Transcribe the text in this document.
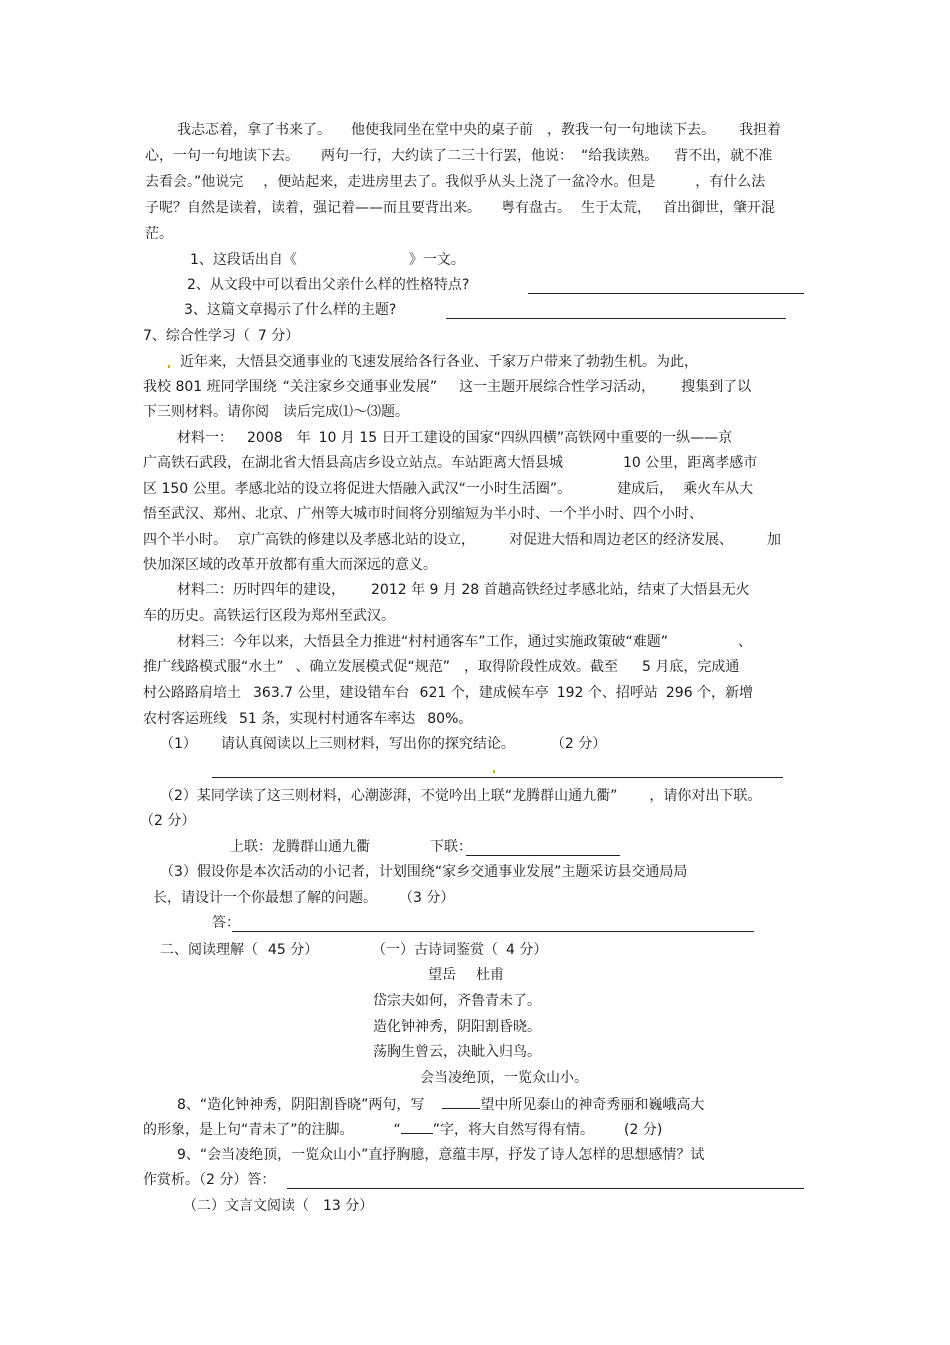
我忐忑着，拿了书来了。 他使我同坐在堂中央的桌子前 ，教我一句一句地读下去。 我担着
心，一句一句地读下去。 两句一行，大约读了二三十行罢，他说： “给我读熟。 背不出，就不准
去看会。”他说完 ，便站起来，走进房里去了。我似乎从头上浇了一盆冷水。但是	，有什么法
子呢？自然是读着，读着，强记着——而且要背出来。 粤有盘古。 生于太荒， 首出御世，肇开混
茫。
1、这段话出自《	》一文。
2、从文段中可以看出父亲什么样的性格特点?
3、这篇文章揭示了什么样的主题?
7、综合性学习（ 7 分）
近年来，大悟县交通事业的飞速发展给各行各业、千家万户带来了勃勃生机。为此，
我校 801 班同学围绕 “关注家乡交通事业发展” 这一主题开展综合性学习活动， 搜集到了以
下三则材料。请你阅 读后完成⑴～⑶题。
材料一： 2008 年 10 月 15 日开工建设的国家“四纵四横”高铁网中重要的一纵——京
广高铁石武段，在湖北省大悟县高店乡设立站点。车站距离大悟县城	10 公里，距离孝感市
区 150 公里。孝感北站的设立将促进大悟融入武汉“一小时生活圈”。	建成后， 乘火车从大
悟至武汉、郑州、北京、广州等大城市时间将分别缩短为半小时、一个半小时、四个小时、
四个半小时。 京广高铁的修建以及孝感北站的设立， 对促进大悟和周边老区的经济发展、 加
快加深区域的改革开放都有重大而深远的意义。
材料二：历时四年的建设， 2012 年 9 月 28 首趟高铁经过孝感北站，结束了大悟县无火
车的历史。高铁运行区段为郑州至武汉。
材料三：今年以来，大悟县全力推进“村村通客车”工作，通过实施政策破“难题”	、
推广线路模式服“水土” 、确立发展模式促“规范” ，取得阶段性成效。截至 5 月底，完成通
村公路路肩培土 363.7 公里，建设错车台 621 个，建成候车亭 192 个、招呼站 296 个，新增
农村客运班线 51 条，实现村村通客车率达 80%。
（1） 请认真阅读以上三则材料，写出你的探究结论。	（2 分）
（2）某同学读了这三则材料，心潮澎湃，不觉吟出上联“龙腾群山通九衢” ，请你对出下联。
（2 分）
上联：龙腾群山通九衢	下联：
（3）假设你是本次活动的小记者，计划围绕“家乡交通事业发展”主题采访县交通局局
长，请设计一个你最想了解的问题。 （3 分）
答：
二、阅读理解（ 45 分）	（一）古诗词鉴赏（ 4 分）
望岳 杜甫
岱宗夫如何，齐鲁青未了。
造化钟神秀，阴阳割昏晓。
荡胸生曾云，决眦入归鸟。
会当凌绝顶，一览众山小。
8、“造化钟神秀，阴阳割昏晓”两句，写	望中所见泰山的神奇秀丽和巍峨高大
的形象，是上句“青未了”的注脚。	“ ”字，将大自然写得有情。 (2 分)
9、“会当凌绝顶，一览众山小”直抒胸臆，意蕴丰厚，抒发了诗人怎样的思想感情？试
作赏析。（2 分）答：
（二）文言文阅读（ 13 分）
